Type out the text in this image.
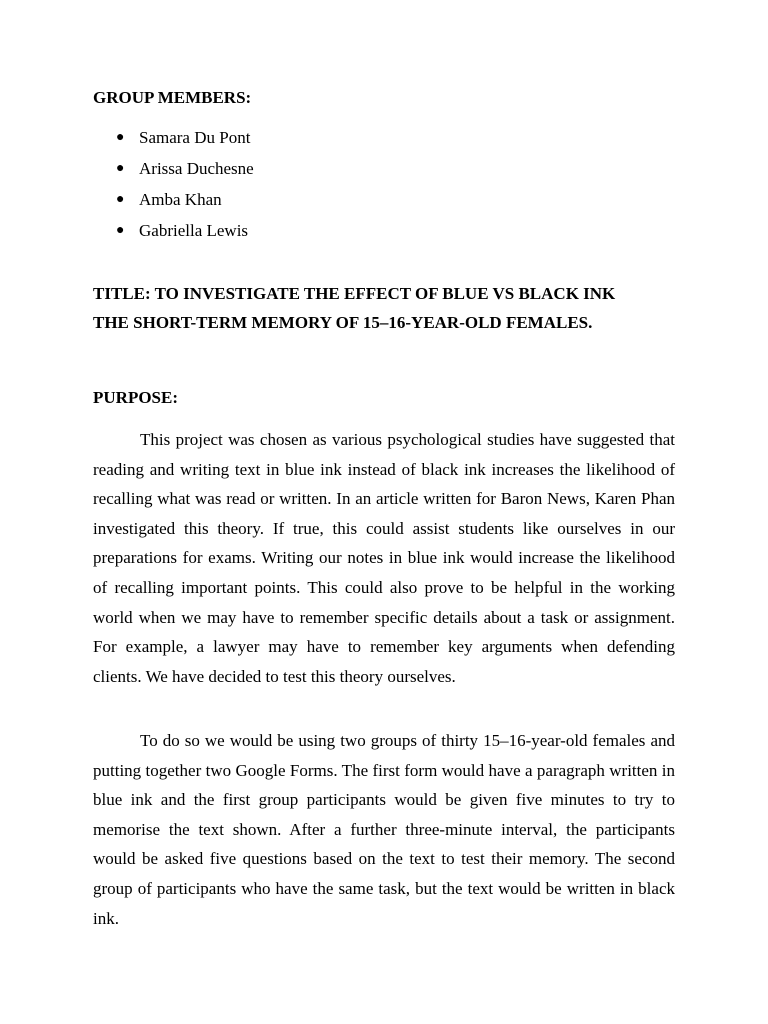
GROUP MEMBERS:
● Samara Du Pont
● Arissa Duchesne
● Amba Khan
● Gabriella Lewis
TITLE: TO INVESTIGATE THE EFFECT OF BLUE VS BLACK INK
THE SHORT-TERM MEMORY OF 15–16-YEAR-OLD FEMALES.
PURPOSE:

This project was chosen as various psychological studies have suggested that reading and writing text in blue ink instead of black ink increases the likelihood of recalling what was read or written. In an article written for Baron News, Karen Phan investigated this theory. If true, this could assist students like ourselves in our preparations for exams. Writing our notes in blue ink would increase the likelihood of recalling important points. This could also prove to be helpful in the working world when we may have to remember specific details about a task or assignment. For example, a lawyer may have to remember key arguments when defending clients. We have decided to test this theory ourselves.

To do so we would be using two groups of thirty 15–16-year-old females and putting together two Google Forms. The first form would have a paragraph written in blue ink and the first group participants would be given five minutes to try to memorise the text shown. After a further three-minute interval, the participants would be asked five questions based on the text to test their memory. The second group of participants who have the same task, but the text would be written in black ink.
